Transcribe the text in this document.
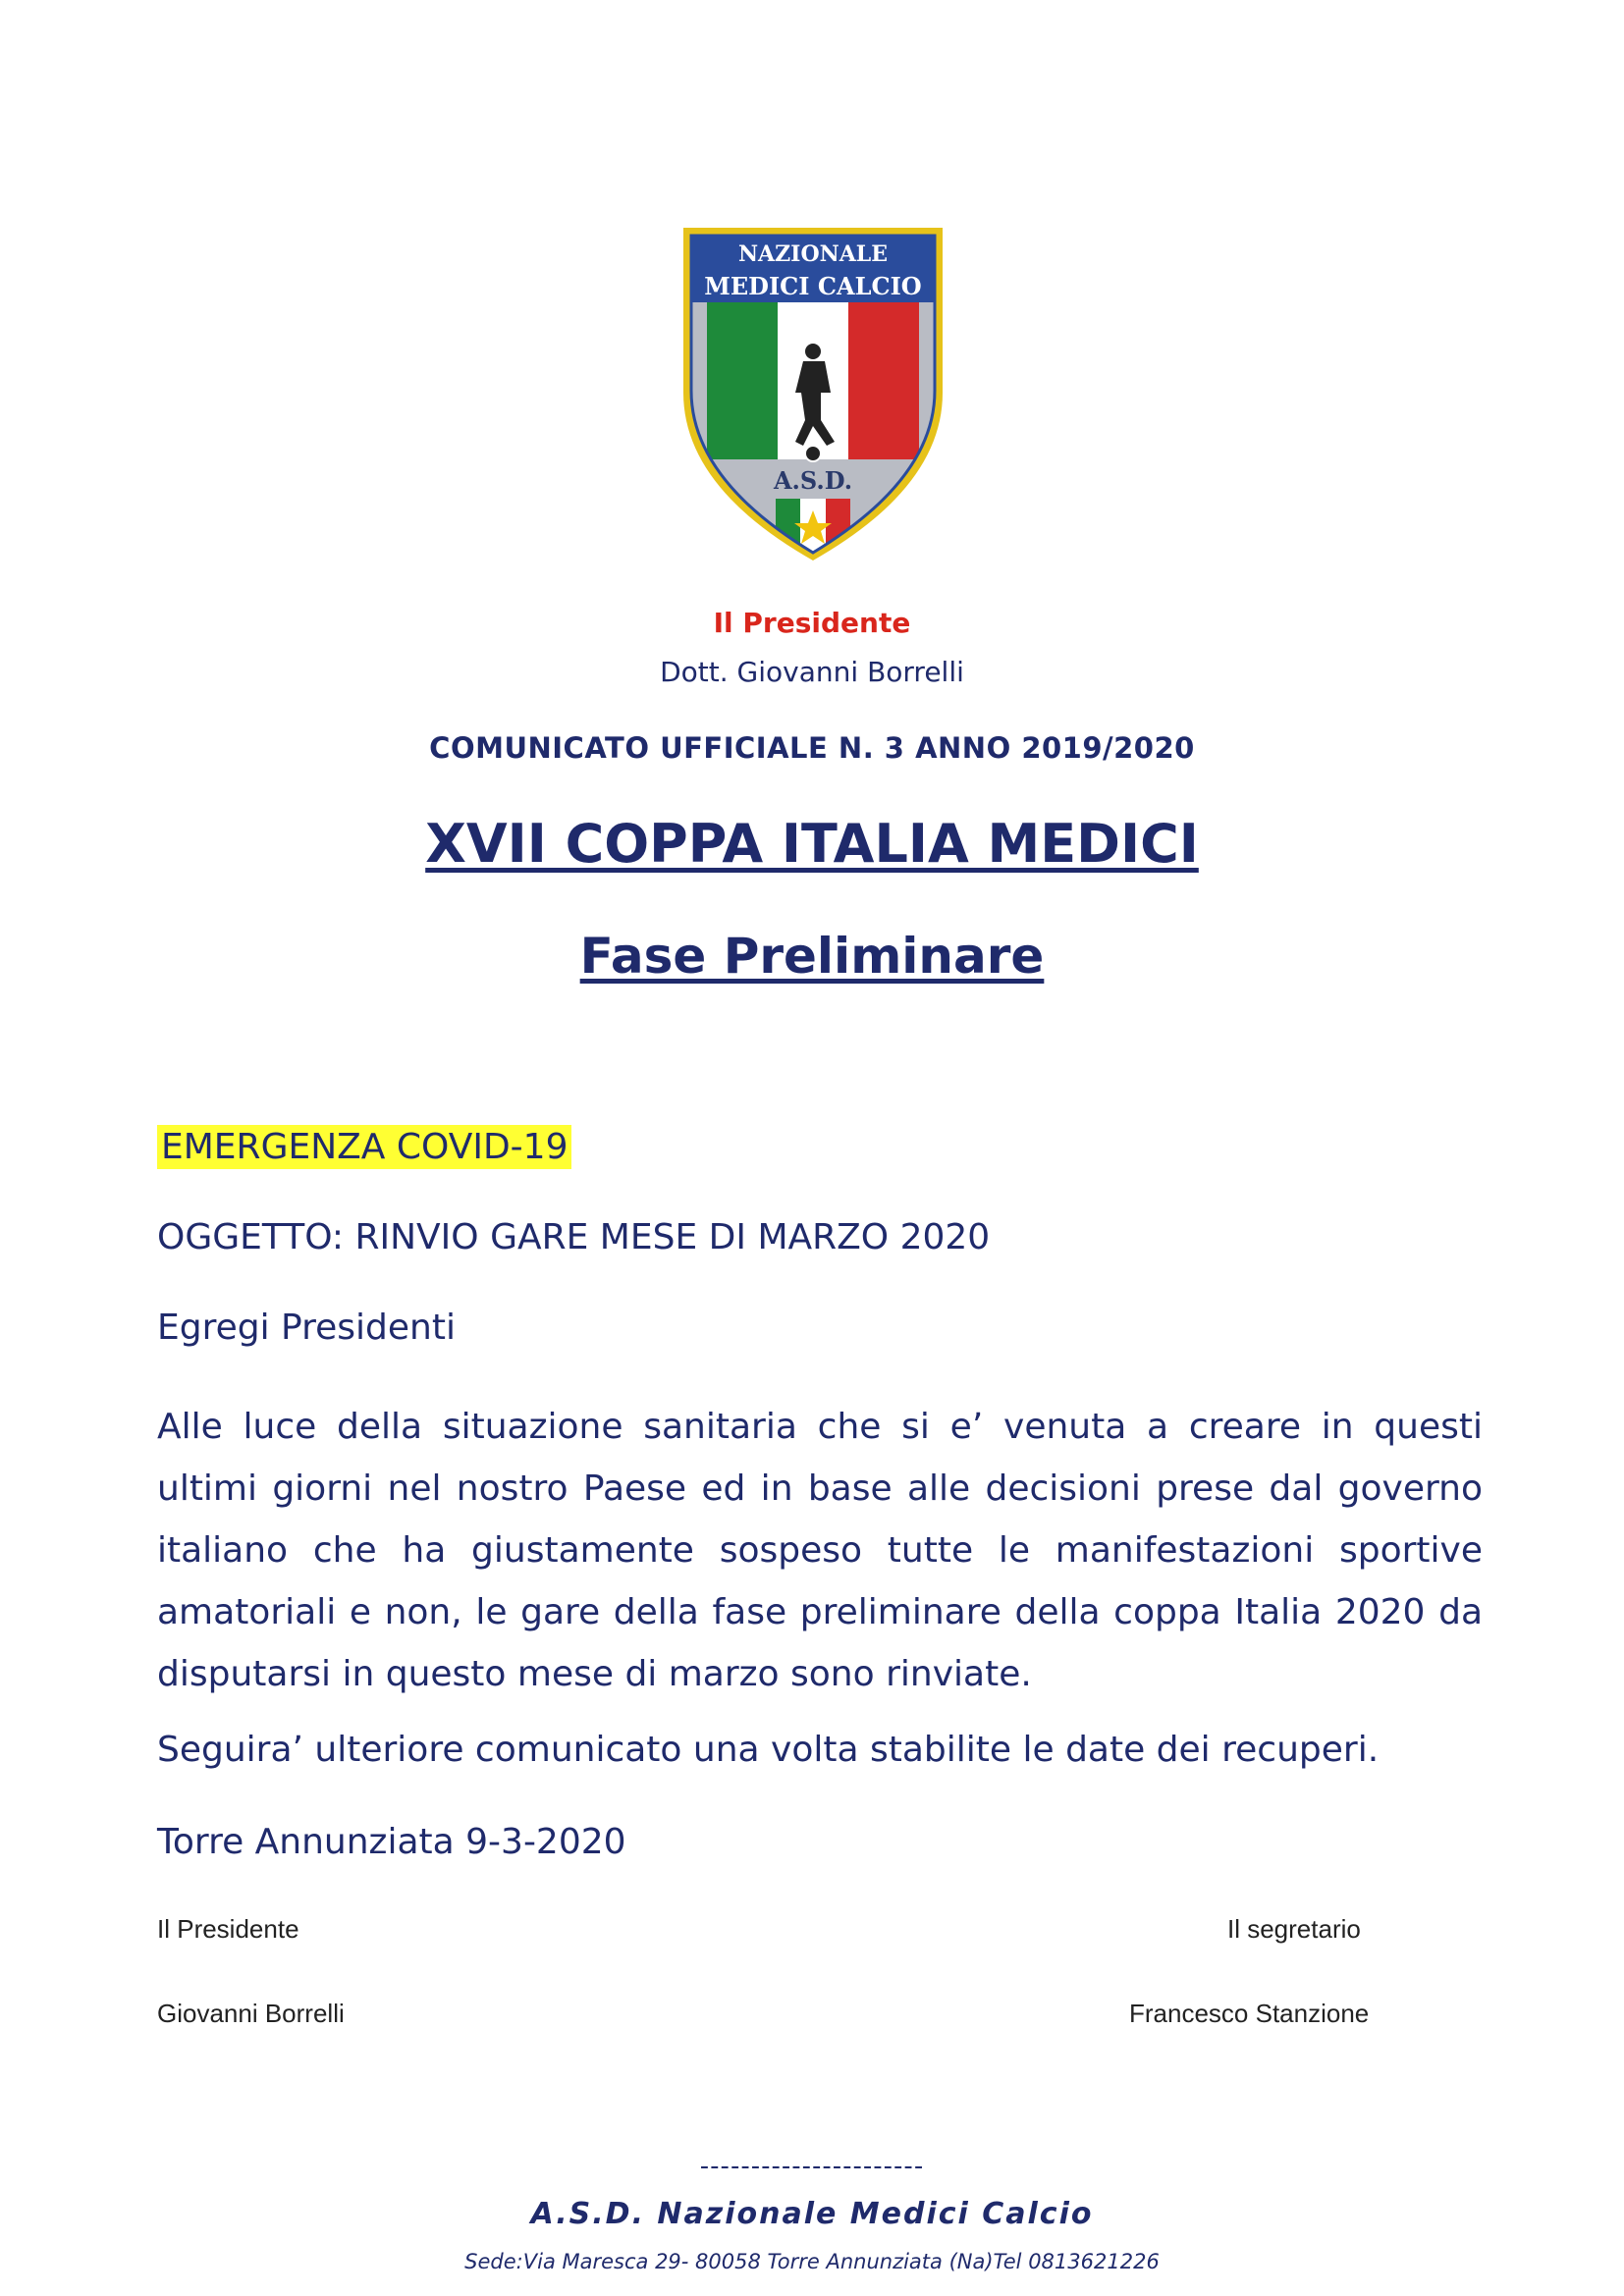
NAZIONALE
MEDICI CALCIO
A.S.D.
Il Presidente
Dott. Giovanni Borrelli
COMUNICATO UFFICIALE N. 3 ANNO 2019/2020
XVII COPPA ITALIA MEDICI
Fase Preliminare
EMERGENZA COVID-19
OGGETTO: RINVIO GARE MESE DI MARZO 2020
Egregi Presidenti
Alle luce della situazione sanitaria che si e’ venuta a creare in questi ultimi giorni nel nostro Paese ed in base alle decisioni prese dal governo italiano che ha giustamente sospeso tutte le manifestazioni sportive amatoriali e non, le gare della fase preliminare della coppa Italia 2020 da disputarsi in questo mese di marzo sono rinviate.
Seguira’ ulteriore comunicato una volta stabilite le date dei recuperi.
Torre Annunziata 9-3-2020
Il Presidente	Il segretario
Giovanni Borrelli	Francesco Stanzione
----------------------
A.S.D. Nazionale Medici Calcio
Sede:Via Maresca 29- 80058 Torre Annunziata (Na)Tel 0813621226
